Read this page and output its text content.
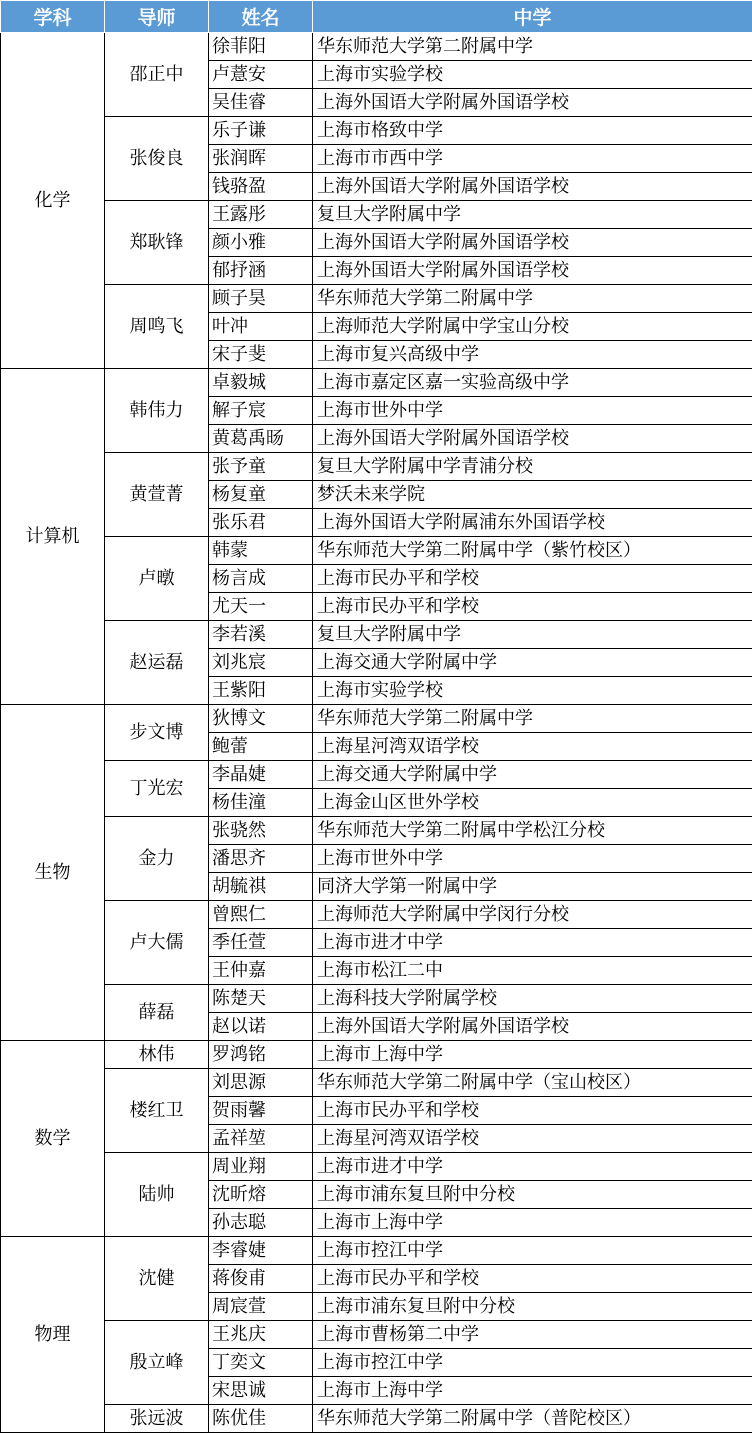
学科	导师	姓名	中学
化学	邵正中	徐菲阳	华东师范大学第二附属中学
		卢薏安	上海市实验学校
		吴佳睿	上海外国语大学附属外国语学校
	张俊良	乐子谦	上海市格致中学
		张润晖	上海市市西中学
		钱骆盈	上海外国语大学附属外国语学校
	郑耿锋	王露彤	复旦大学附属中学
		颜小雅	上海外国语大学附属外国语学校
		郁抒涵	上海外国语大学附属外国语学校
	周鸣飞	顾子昊	华东师范大学第二附属中学
		叶冲	上海师范大学附属中学宝山分校
		宋子斐	上海市复兴高级中学
计算机	韩伟力	卓毅城	上海市嘉定区嘉一实验高级中学
		解子宸	上海市世外中学
		黄葛禹旸	上海外国语大学附属外国语学校
	黄萱菁	张予童	复旦大学附属中学青浦分校
		杨复童	梦沃未来学院
		张乐君	上海外国语大学附属浦东外国语学校
	卢暾	韩蒙	华东师范大学第二附属中学（紫竹校区）
		杨言成	上海市民办平和学校
		尤天一	上海市民办平和学校
	赵运磊	李若溪	复旦大学附属中学
		刘兆宸	上海交通大学附属中学
		王紫阳	上海市实验学校
生物	步文博	狄博文	华东师范大学第二附属中学
		鲍蕾	上海星河湾双语学校
	丁光宏	李晶婕	上海交通大学附属中学
		杨佳潼	上海金山区世外学校
	金力	张骁然	华东师范大学第二附属中学松江分校
		潘思齐	上海市世外中学
		胡毓祺	同济大学第一附属中学
	卢大儒	曾熙仁	上海师范大学附属中学闵行分校
		季任萱	上海市进才中学
		王仲嘉	上海市松江二中
	薛磊	陈楚天	上海科技大学附属学校
		赵以诺	上海外国语大学附属外国语学校
数学	林伟	罗鸿铭	上海市上海中学
	楼红卫	刘思源	华东师范大学第二附属中学（宝山校区）
		贺雨馨	上海市民办平和学校
		孟祥堃	上海星河湾双语学校
	陆帅	周业翔	上海市进才中学
		沈昕熔	上海市浦东复旦附中分校
		孙志聪	上海市上海中学
物理	沈健	李睿婕	上海市控江中学
		蒋俊甫	上海市民办平和学校
		周宸萱	上海市浦东复旦附中分校
	殷立峰	王兆庆	上海市曹杨第二中学
		丁奕文	上海市控江中学
		宋思诚	上海市上海中学
	张远波	陈优佳	华东师范大学第二附属中学（普陀校区）
